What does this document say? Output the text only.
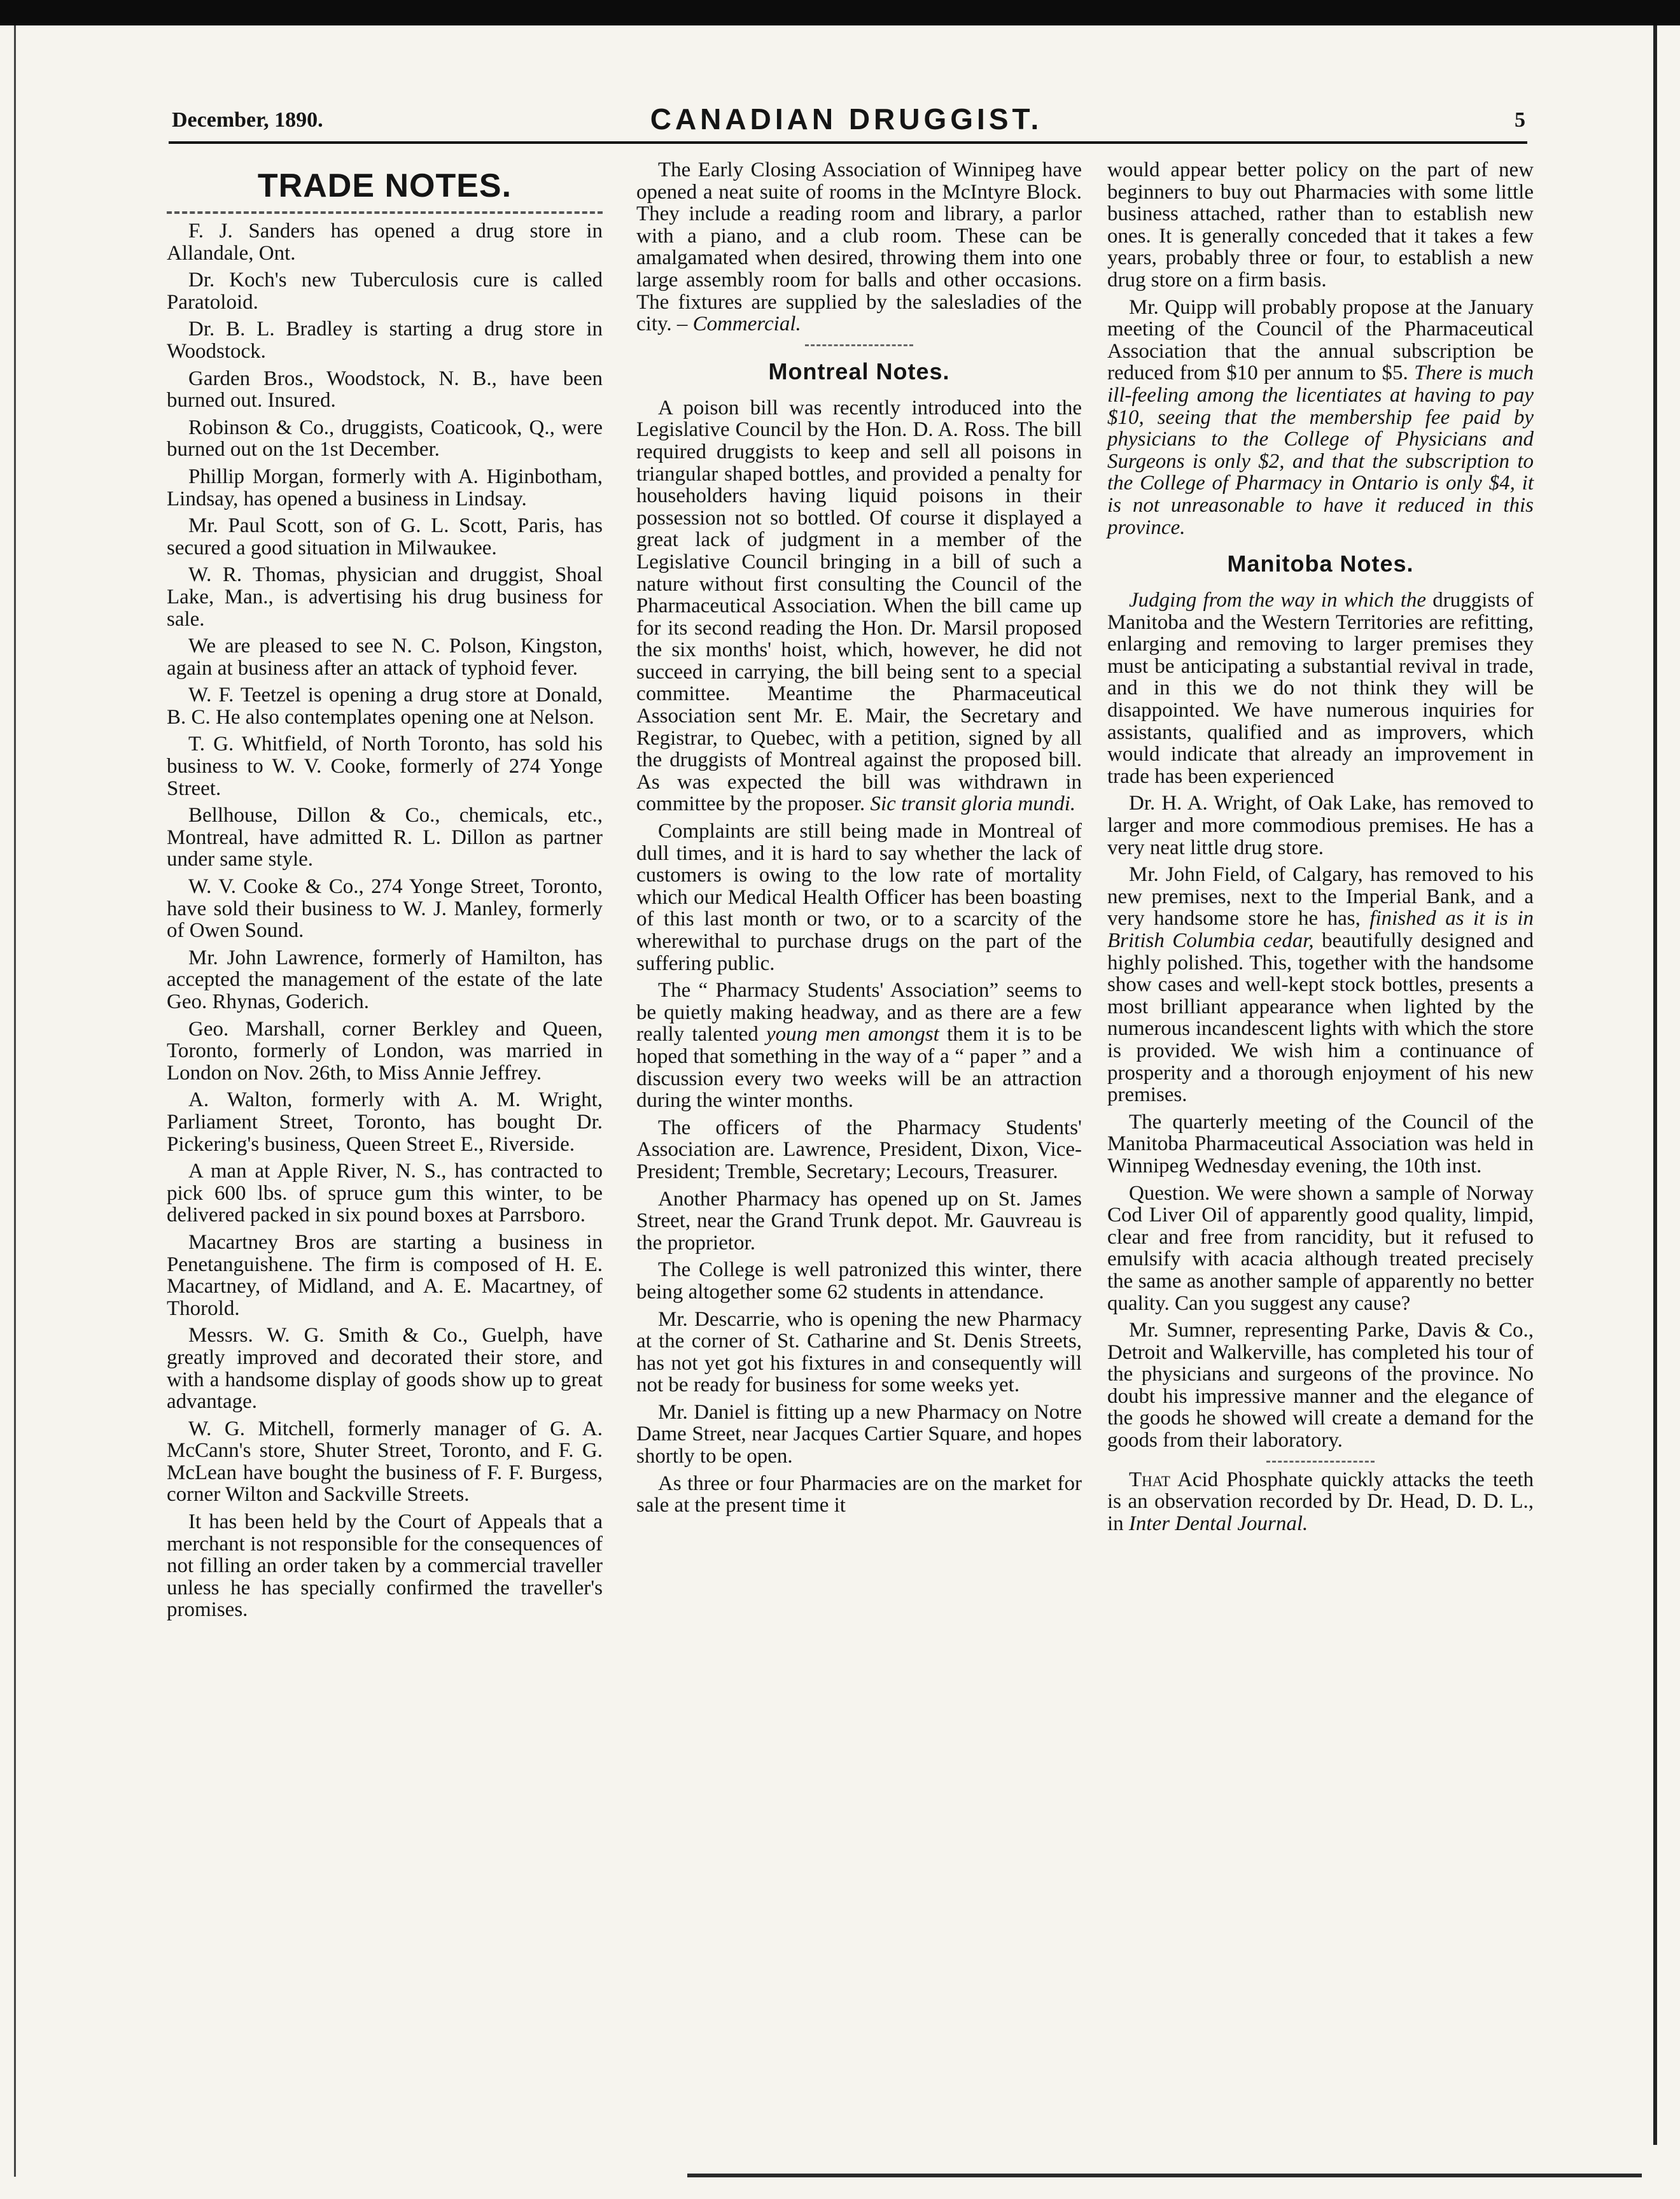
December, 1890.	CANADIAN DRUGGIST.	5
TRADE NOTES.

F. J. Sanders has opened a drug store in Allandale, Ont.

Dr. Koch's new Tuberculosis cure is called Paratoloid.

Dr. B. L. Bradley is starting a drug store in Woodstock.

Garden Bros., Woodstock, N. B., have been burned out. Insured.

Robinson & Co., druggists, Coaticook, Q., were burned out on the 1st December.

Phillip Morgan, formerly with A. Higinbotham, Lindsay, has opened a business in Lindsay.

Mr. Paul Scott, son of G. L. Scott, Paris, has secured a good situation in Milwaukee.

W. R. Thomas, physician and druggist, Shoal Lake, Man., is advertising his drug business for sale.

We are pleased to see N. C. Polson, Kingston, again at business after an attack of typhoid fever.

W. F. Teetzel is opening a drug store at Donald, B. C. He also contemplates opening one at Nelson.

T. G. Whitfield, of North Toronto, has sold his business to W. V. Cooke, formerly of 274 Yonge Street.

Bellhouse, Dillon & Co., chemicals, etc., Montreal, have admitted R. L. Dillon as partner under same style.

W. V. Cooke & Co., 274 Yonge Street, Toronto, have sold their business to W. J. Manley, formerly of Owen Sound.

Mr. John Lawrence, formerly of Hamilton, has accepted the management of the estate of the late Geo. Rhynas, Goderich.

Geo. Marshall, corner Berkley and Queen, Toronto, formerly of London, was married in London on Nov. 26th, to Miss Annie Jeffrey.

A. Walton, formerly with A. M. Wright, Parliament Street, Toronto, has bought Dr. Pickering's business, Queen Street E., Riverside.

A man at Apple River, N. S., has contracted to pick 600 lbs. of spruce gum this winter, to be delivered packed in six pound boxes at Parrsboro.

Macartney Bros are starting a business in Penetanguishene. The firm is composed of H. E. Macartney, of Midland, and A. E. Macartney, of Thorold.

Messrs. W. G. Smith & Co., Guelph, have greatly improved and decorated their store, and with a handsome display of goods show up to great advantage.

W. G. Mitchell, formerly manager of G. A. McCann's store, Shuter Street, Toronto, and F. G. McLean have bought the business of F. F. Burgess, corner Wilton and Sackville Streets.

It has been held by the Court of Appeals that a merchant is not responsible for the consequences of not filling an order taken by a commercial traveller unless he has specially confirmed the traveller's promises.

The Early Closing Association of Winnipeg have opened a neat suite of rooms in the McIntyre Block. They include a reading room and library, a parlor with a piano, and a club room. These can be amalgamated when desired, throwing them into one large assembly room for balls and other occasions. The fixtures are supplied by the salesladies of the city. – Commercial.

Montreal Notes.

A poison bill was recently introduced into the Legislative Council by the Hon. D. A. Ross. The bill required druggists to keep and sell all poisons in triangular shaped bottles, and provided a penalty for householders having liquid poisons in their possession not so bottled. Of course it displayed a great lack of judgment in a member of the Legislative Council bringing in a bill of such a nature without first consulting the Council of the Pharmaceutical Association. When the bill came up for its second reading the Hon. Dr. Marsil proposed the six months' hoist, which, however, he did not succeed in carrying, the bill being sent to a special committee. Meantime the Pharmaceutical Association sent Mr. E. Mair, the Secretary and Registrar, to Quebec, with a petition, signed by all the druggists of Montreal against the proposed bill. As was expected the bill was withdrawn in committee by the proposer. Sic transit gloria mundi.

Complaints are still being made in Montreal of dull times, and it is hard to say whether the lack of customers is owing to the low rate of mortality which our Medical Health Officer has been boasting of this last month or two, or to a scarcity of the wherewithal to purchase drugs on the part of the suffering public.

The “ Pharmacy Students' Association” seems to be quietly making headway, and as there are a few really talented young men amongst them it is to be hoped that something in the way of a “ paper ” and a discussion every two weeks will be an attraction during the winter months.

The officers of the Pharmacy Students' Association are. Lawrence, President, Dixon, Vice-President; Tremble, Secretary; Lecours, Treasurer.

Another Pharmacy has opened up on St. James Street, near the Grand Trunk depot. Mr. Gauvreau is the proprietor.

The College is well patronized this winter, there being altogether some 62 students in attendance.

Mr. Descarrie, who is opening the new Pharmacy at the corner of St. Catharine and St. Denis Streets, has not yet got his fixtures in and consequently will not be ready for business for some weeks yet.

Mr. Daniel is fitting up a new Pharmacy on Notre Dame Street, near Jacques Cartier Square, and hopes shortly to be open.

As three or four Pharmacies are on the market for sale at the present time it

would appear better policy on the part of new beginners to buy out Pharmacies with some little business attached, rather than to establish new ones. It is generally conceded that it takes a few years, probably three or four, to establish a new drug store on a firm basis.

Mr. Quipp will probably propose at the January meeting of the Council of the Pharmaceutical Association that the annual subscription be reduced from $10 per annum to $5. There is much ill-feeling among the licentiates at having to pay $10, seeing that the membership fee paid by physicians to the College of Physicians and Surgeons is only $2, and that the subscription to the College of Pharmacy in Ontario is only $4, it is not unreasonable to have it reduced in this province.

Manitoba Notes.

Judging from the way in which the druggists of Manitoba and the Western Territories are refitting, enlarging and removing to larger premises they must be anticipating a substantial revival in trade, and in this we do not think they will be disappointed. We have numerous inquiries for assistants, qualified and as improvers, which would indicate that already an improvement in trade has been experienced

Dr. H. A. Wright, of Oak Lake, has removed to larger and more commodious premises. He has a very neat little drug store.

Mr. John Field, of Calgary, has removed to his new premises, next to the Imperial Bank, and a very handsome store he has, finished as it is in British Columbia cedar, beautifully designed and highly polished. This, together with the handsome show cases and well-kept stock bottles, presents a most brilliant appearance when lighted by the numerous incandescent lights with which the store is provided. We wish him a continuance of prosperity and a thorough enjoyment of his new premises.

The quarterly meeting of the Council of the Manitoba Pharmaceutical Association was held in Winnipeg Wednesday evening, the 10th inst.

Question. We were shown a sample of Norway Cod Liver Oil of apparently good quality, limpid, clear and free from rancidity, but it refused to emulsify with acacia although treated precisely the same as another sample of apparently no better quality. Can you suggest any cause?

Mr. Sumner, representing Parke, Davis & Co., Detroit and Walkerville, has completed his tour of the physicians and surgeons of the province. No doubt his impressive manner and the elegance of the goods he showed will create a demand for the goods from their laboratory.

That Acid Phosphate quickly attacks the teeth is an observation recorded by Dr. Head, D. D. L., in Inter Dental Journal.
